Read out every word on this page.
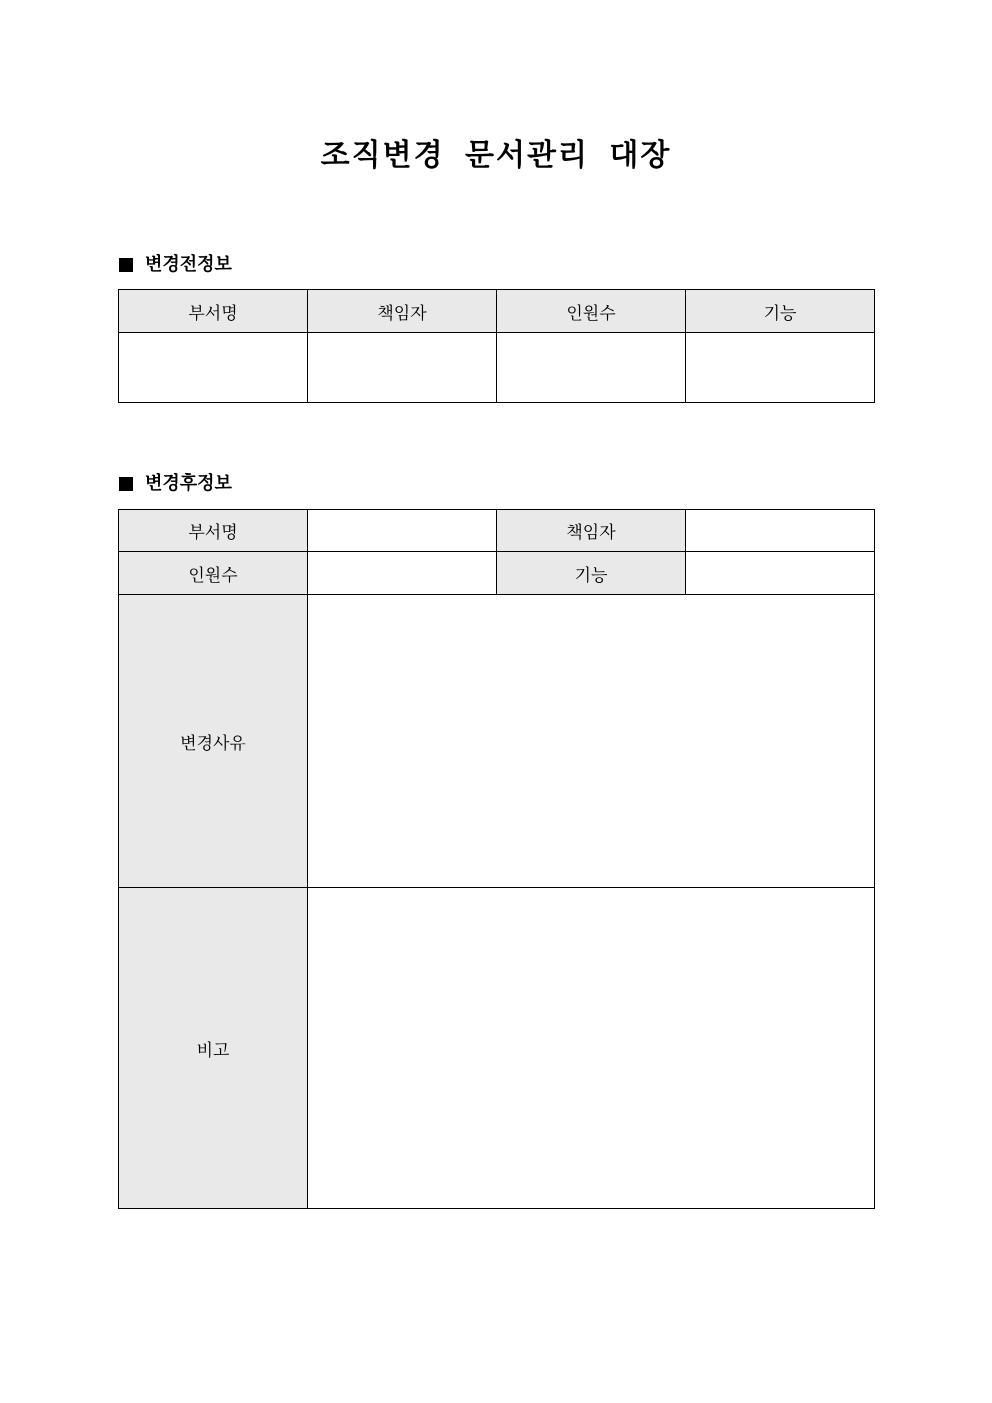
조직변경 문서관리 대장
변경전정보
부서명	책임자	인원수	기능

변경후정보
부서명		책임자	
인원수		기능	
변경사유			
비고			
